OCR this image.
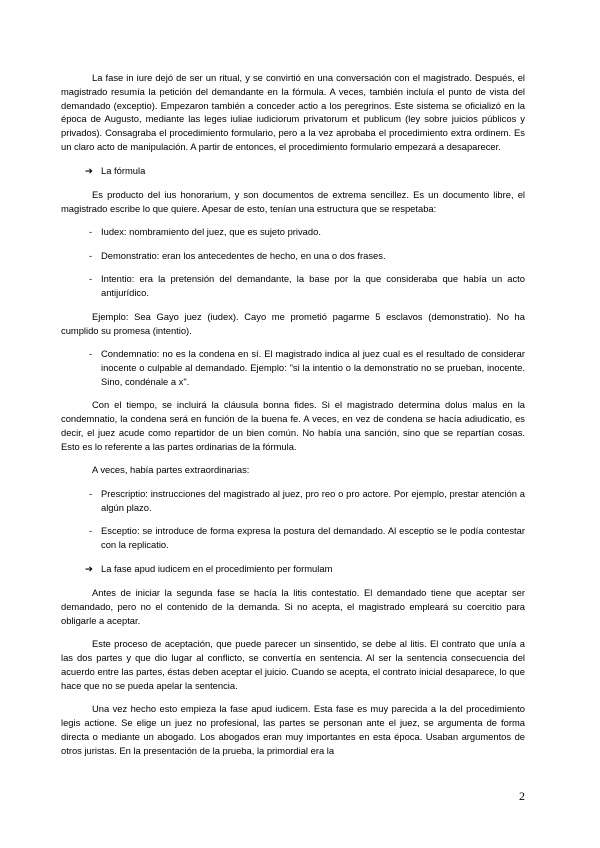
La fase in iure dejó de ser un ritual, y se convirtió en una conversación con el magistrado. Después, el magistrado resumía la petición del demandante en la fórmula. A veces, también incluía el punto de vista del demandado (exceptio). Empezaron también a conceder actio a los peregrinos. Este sistema se oficializó en la época de Augusto, mediante las leges iuliae iudiciorum privatorum et publicum (ley sobre juicios públicos y privados). Consagraba el procedimiento formulario, pero a la vez aprobaba el procedimiento extra ordinem. Es un claro acto de manipulación. A partir de entonces, el procedimiento formulario empezará a desaparecer.

➔ La fórmula

Es producto del ius honorarium, y son documentos de extrema sencillez. Es un documento libre, el magistrado escribe lo que quiere. Apesar de esto, tenían una estructura que se respetaba:

- Iudex: nombramiento del juez, que es sujeto privado.
- Demonstratio: eran los antecedentes de hecho, en una o dos frases.
- Intentio: era la pretensión del demandante, la base por la que consideraba que había un acto antijurídico.

Ejemplo: Sea Gayo juez (iudex). Cayo me prometió pagarme 5 esclavos (demonstratio). No ha cumplido su promesa (intentio).

- Condemnatio: no es la condena en sí. El magistrado indica al juez cual es el resultado de considerar inocente o culpable al demandado. Ejemplo: "si la intentio o la demonstratio no se prueban, inocente. Sino, condénale a x".

Con el tiempo, se incluirá la cláusula bonna fides. Si el magistrado determina dolus malus en la condemnatio, la condena será en función de la buena fe. A veces, en vez de condena se hacía adiudicatio, es decir, el juez acude como repartidor de un bien común. No había una sanción, sino que se repartían cosas. Esto es lo referente a las partes ordinarias de la fórmula.

A veces, había partes extraordinarias:

- Prescriptio: instrucciones del magistrado al juez, pro reo o pro actore. Por ejemplo, prestar atención a algún plazo.
- Esceptio: se introduce de forma expresa la postura del demandado. Al esceptio se le podía contestar con la replicatio.
➔ La fase apud iudicem en el procedimiento per formulam

Antes de iniciar la segunda fase se hacía la litis contestatio. El demandado tiene que aceptar ser demandado, pero no el contenido de la demanda. Si no acepta, el magistrado empleará su coercitio para obligarle a aceptar.

Este proceso de aceptación, que puede parecer un sinsentido, se debe al litis. El contrato que unía a las dos partes y que dio lugar al conflicto, se convertía en sentencia. Al ser la sentencia consecuencia del acuerdo entre las partes, éstas deben aceptar el juicio. Cuando se acepta, el contrato inicial desaparece, lo que hace que no se pueda apelar la sentencia.

Una vez hecho esto empieza la fase apud iudicem. Esta fase es muy parecida a la del procedimiento legis actione. Se elige un juez no profesional, las partes se personan ante el juez, se argumenta de forma directa o mediante un abogado. Los abogados eran muy importantes en esta época. Usaban argumentos de otros juristas. En la presentación de la prueba, la primordial era la

2
